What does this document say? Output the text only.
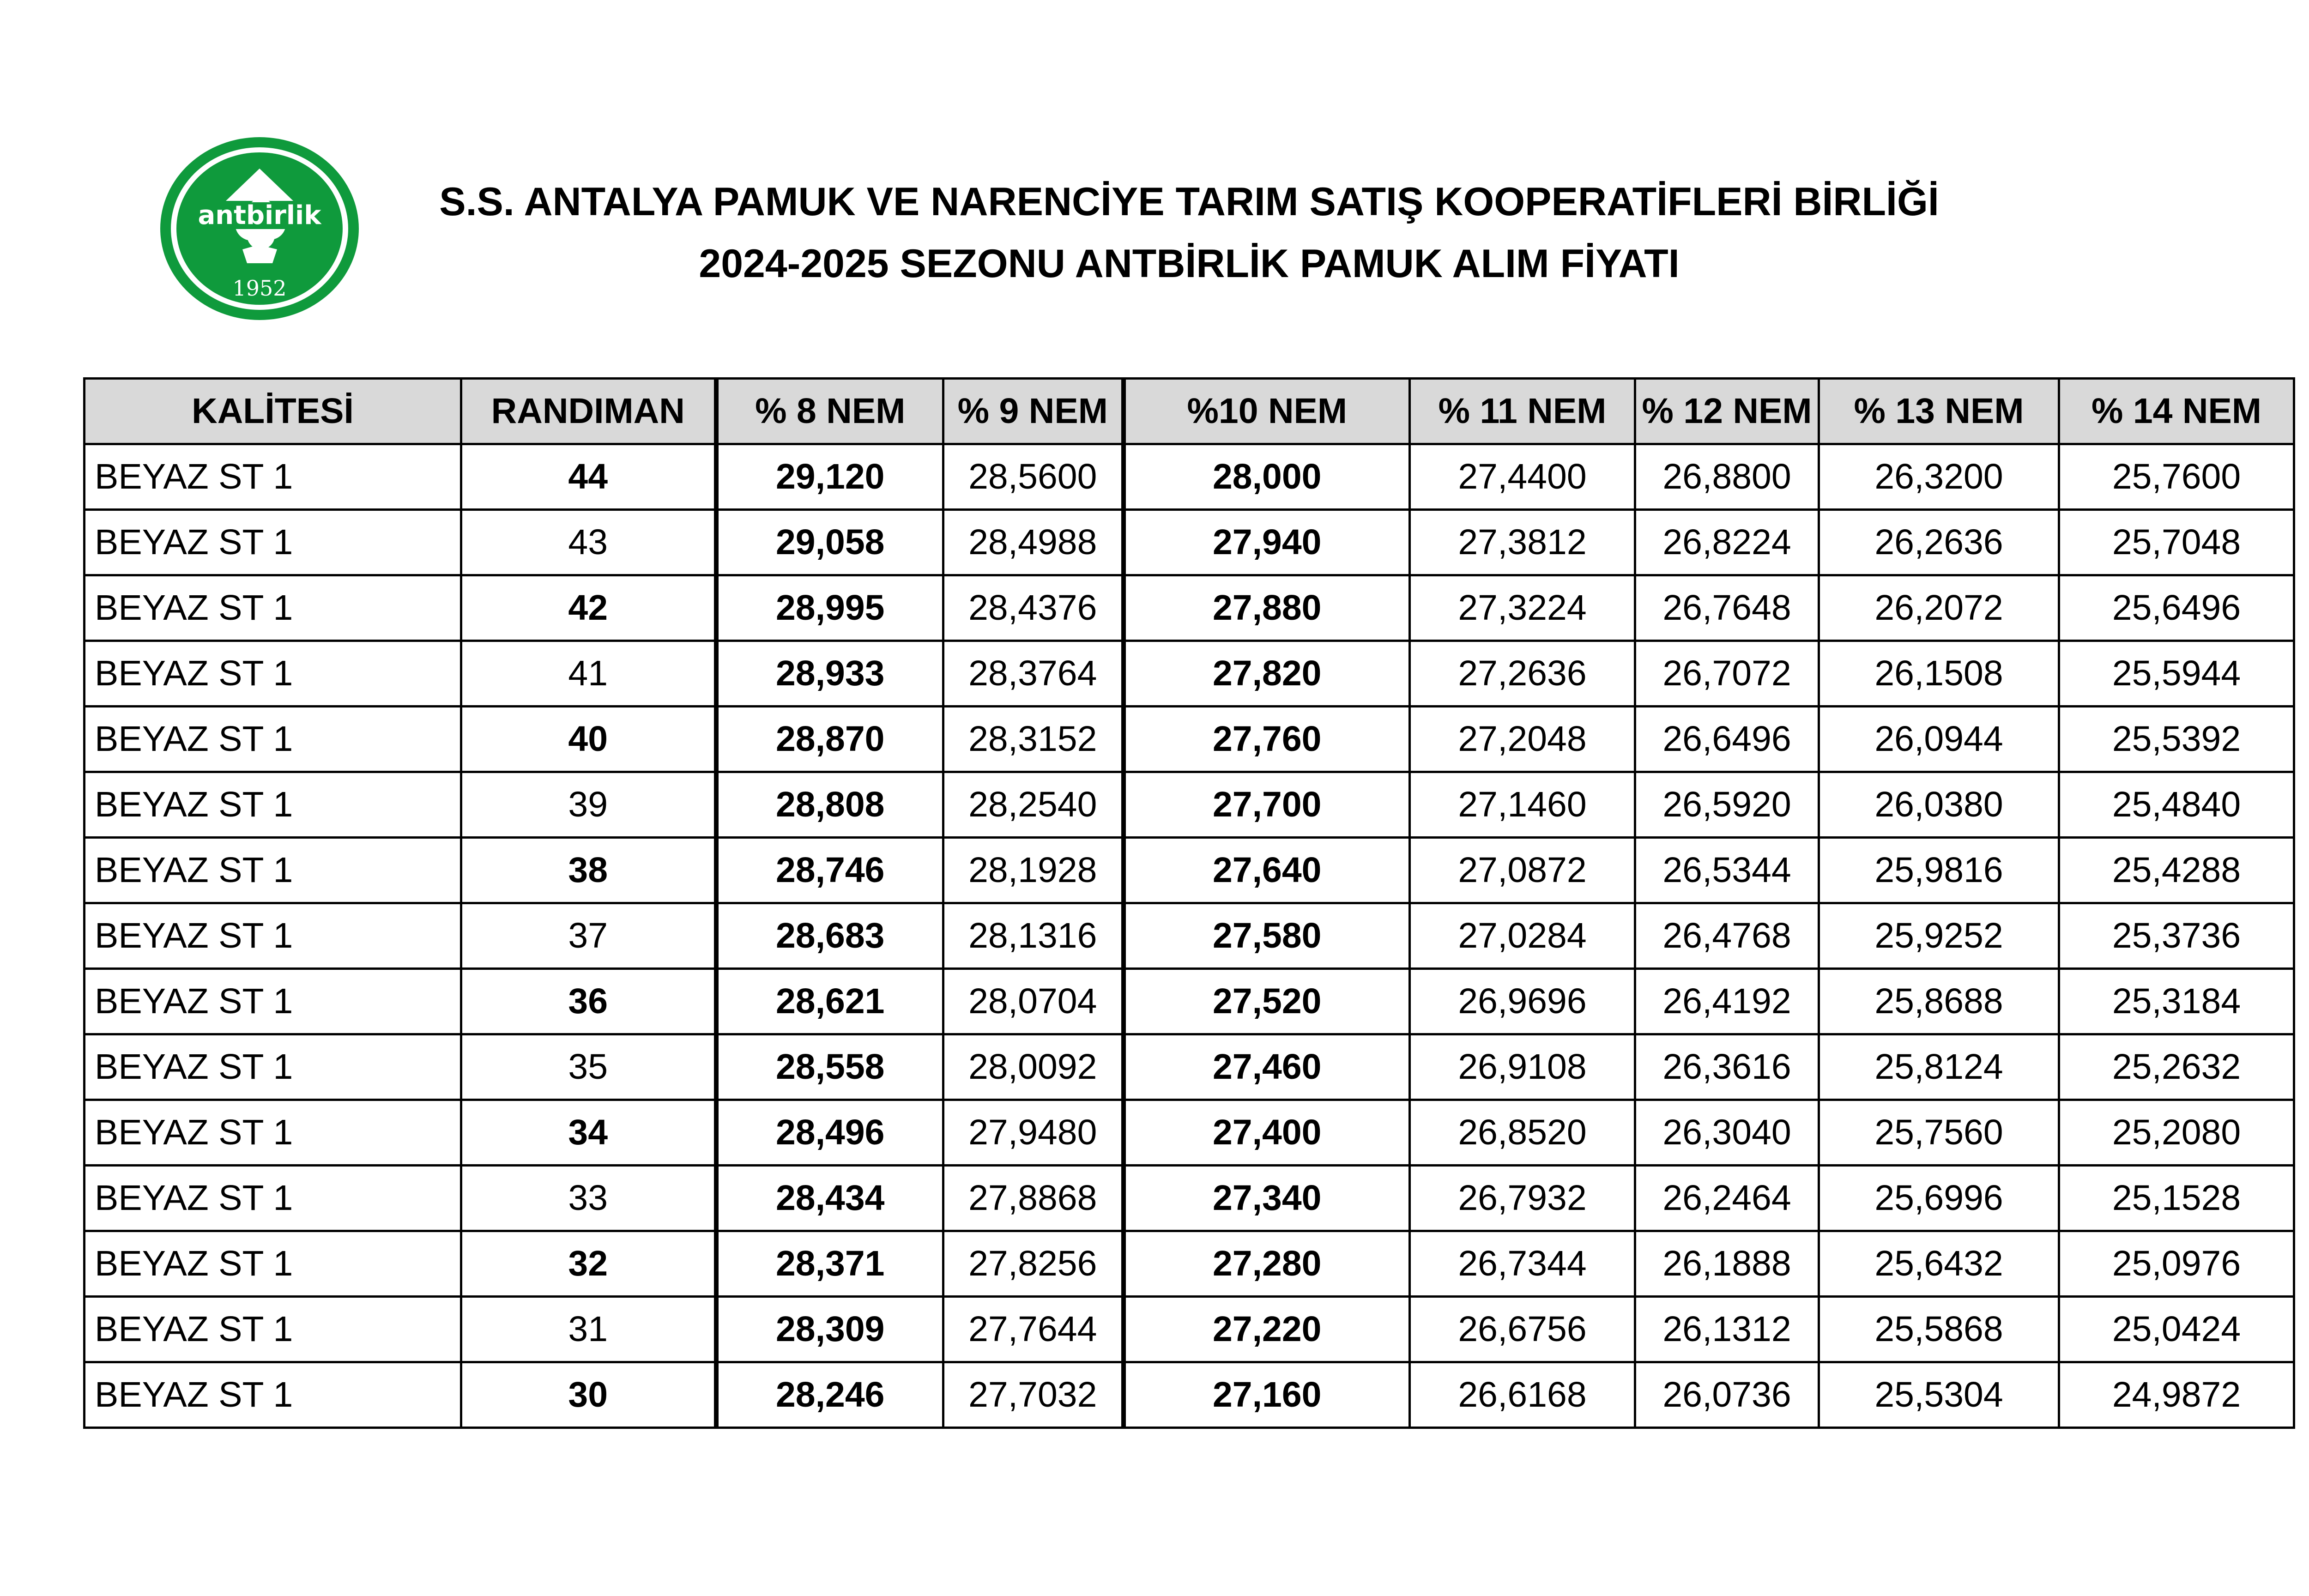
antbirlik
1952
S.S. ANTALYA PAMUK VE NARENCİYE TARIM SATIŞ KOOPERATİFLERİ BİRLİĞİ
2024-2025 SEZONU ANTBİRLİK PAMUK ALIM FİYATI
KALİTESİ	RANDIMAN	% 8 NEM	% 9 NEM	%10 NEM	% 11 NEM	% 12 NEM	% 13 NEM	% 14 NEM
BEYAZ ST 1	44	29,120	28,5600	28,000	27,4400	26,8800	26,3200	25,7600
BEYAZ ST 1	43	29,058	28,4988	27,940	27,3812	26,8224	26,2636	25,7048
BEYAZ ST 1	42	28,995	28,4376	27,880	27,3224	26,7648	26,2072	25,6496
BEYAZ ST 1	41	28,933	28,3764	27,820	27,2636	26,7072	26,1508	25,5944
BEYAZ ST 1	40	28,870	28,3152	27,760	27,2048	26,6496	26,0944	25,5392
BEYAZ ST 1	39	28,808	28,2540	27,700	27,1460	26,5920	26,0380	25,4840
BEYAZ ST 1	38	28,746	28,1928	27,640	27,0872	26,5344	25,9816	25,4288
BEYAZ ST 1	37	28,683	28,1316	27,580	27,0284	26,4768	25,9252	25,3736
BEYAZ ST 1	36	28,621	28,0704	27,520	26,9696	26,4192	25,8688	25,3184
BEYAZ ST 1	35	28,558	28,0092	27,460	26,9108	26,3616	25,8124	25,2632
BEYAZ ST 1	34	28,496	27,9480	27,400	26,8520	26,3040	25,7560	25,2080
BEYAZ ST 1	33	28,434	27,8868	27,340	26,7932	26,2464	25,6996	25,1528
BEYAZ ST 1	32	28,371	27,8256	27,280	26,7344	26,1888	25,6432	25,0976
BEYAZ ST 1	31	28,309	27,7644	27,220	26,6756	26,1312	25,5868	25,0424
BEYAZ ST 1	30	28,246	27,7032	27,160	26,6168	26,0736	25,5304	24,9872
